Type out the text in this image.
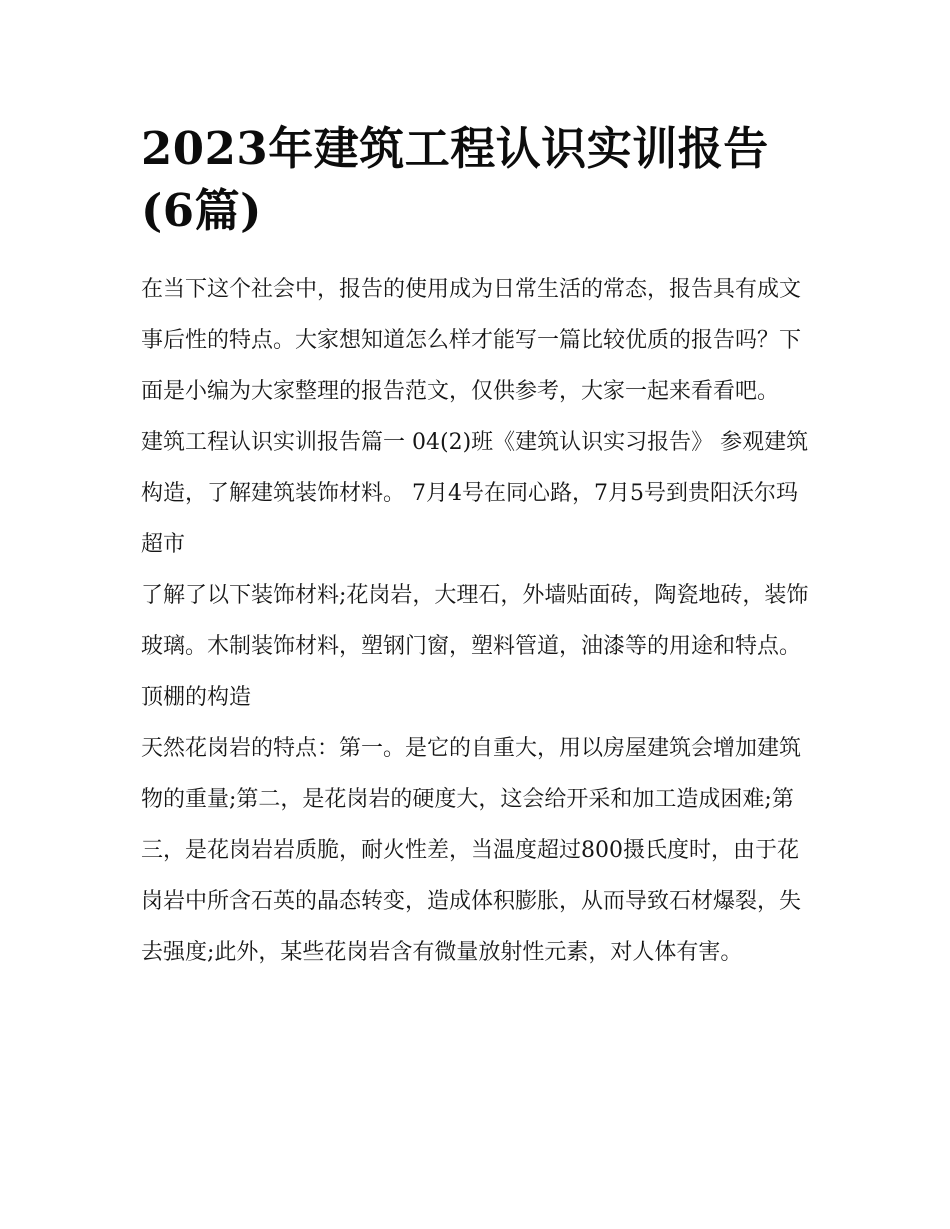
2023年建筑工程认识实训报告(6篇)

在当下这个社会中，报告的使用成为日常生活的常态，报告具有成文事后性的特点。大家想知道怎么样才能写一篇比较优质的报告吗？下面是小编为大家整理的报告范文，仅供参考，大家一起来看看吧。

建筑工程认识实训报告篇一 04(2)班《建筑认识实习报告》 参观建筑构造，了解建筑装饰材料。 7月4号在同心路，7月5号到贵阳沃尔玛超市

了解了以下装饰材料;花岗岩，大理石，外墙贴面砖，陶瓷地砖，装饰玻璃。木制装饰材料，塑钢门窗，塑料管道，油漆等的用途和特点。顶棚的构造

天然花岗岩的特点：第一。是它的自重大，用以房屋建筑会增加建筑物的重量;第二，是花岗岩的硬度大，这会给开采和加工造成困难;第三，是花岗岩岩质脆，耐火性差，当温度超过800摄氏度时，由于花岗岩中所含石英的晶态转变，造成体积膨胀，从而导致石材爆裂，失去强度;此外，某些花岗岩含有微量放射性元素，对人体有害。
